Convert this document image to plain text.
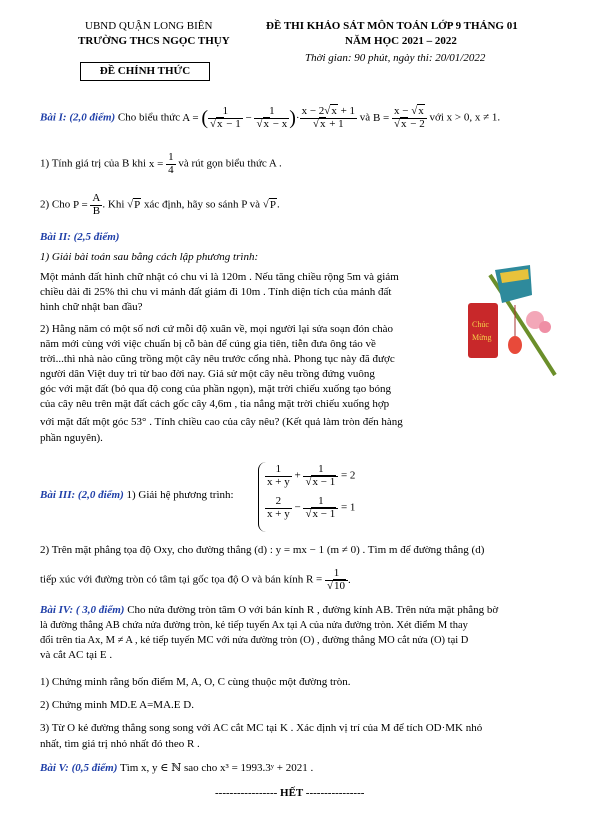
UBND QUẬN LONG BIÊN
TRƯỜNG THCS NGỌC THỤY
ĐỀ CHÍNH THỨC
ĐỀ THI KHẢO SÁT MÔN TOÁN LỚP 9 THÁNG 01
NĂM HỌC 2021 – 2022
Thời gian: 90 phút, ngày thi: 20/01/2022
Bài I: (2,0 điểm) Cho biểu thức A = ( $\frac{1}{√x - 1} - \frac{1}{√x - x}$ )· $\frac{x - 2√x + 1}{√x + 1}$ và $B = \frac{x - √x}{√x - 2}$ với x > 0, x ≠ 1.
1) Tính giá trị của B khi $x = \frac{1}{4}$ và rút gọn biểu thức A .
2) Cho $P = \frac{A}{B}$ . Khi √P xác định, hãy so sánh P và √P.
Bài II: (2,5 điểm)
1) Giải bài toán sau bằng cách lập phương trình:
Một mảnh đất hình chữ nhật có chu vi là 120m . Nếu tăng chiều rộng 5m và giảm
chiều dài đi 25% thì chu vi mảnh đất giảm đi 10m . Tính diện tích của mảnh đất
hình chữ nhật ban đầu?
2) Hằng năm có một số nơi cứ mỗi độ xuân về, mọi người lại sửa soạn đón chào
năm mới cùng với việc chuẩn bị cỗ bàn để cúng gia tiên, tiễn đưa ông táo về
trời...thì nhà nào cũng trồng một cây nêu trước cổng nhà. Phong tục này đã được
người dân Việt duy trì từ bao đời nay. Giả sử một cây nêu trồng đứng vuông
góc với mặt đất (bỏ qua độ cong của phần ngọn), mặt trời chiếu xuống tạo bóng
của cây nêu trên mặt đất cách gốc cây 4,6m , tia nắng mặt trời chiếu xuống hợp
với mặt đất một góc 53° . Tính chiều cao của cây nêu? (Kết quả làm tròn đến hàng
phần nguyên).
Chúc
Mừng
Bài III: (2,0 điểm) 1) Giải hệ phương trình:
$\frac{1}{x + y} + \frac{1}{√x - 1} = 2$
$\frac{2}{x + y} - \frac{1}{√x - 1} = 1$
2) Trên mặt phẳng tọa độ Oxy, cho đường thẳng (d) : y = mx − 1 (m ≠ 0) . Tìm m để đường thẳng (d)
tiếp xúc với đường tròn có tâm tại gốc tọa độ O và bán kính $R = \frac{1}{√10}$ .
Bài IV: ( 3,0 điểm) Cho nửa đường tròn tâm O với bán kính R , đường kính AB. Trên nửa mặt phẳng bờ
là đường thẳng AB chứa nửa đường tròn, kẻ tiếp tuyến Ax tại A của nửa đường tròn. Xét điểm M thay
đổi trên tia Ax, M ≠ A , kẻ tiếp tuyến MC với nửa đường tròn (O) , đường thẳng MO cắt nửa (O) tại D
và cắt AC tại E .
1) Chứng minh rằng bốn điểm M, A, O, C cùng thuộc một đường tròn.
2) Chứng minh MD.E A=MA.E D.
3) Từ O kẻ đường thẳng song song với AC cắt MC tại K . Xác định vị trí của M để tích OD·MK nhỏ
nhất, tìm giá trị nhỏ nhất đó theo R .
Bài V: (0,5 điểm) Tìm x, y ∈ ℕ sao cho x³ = 1993.3ʸ + 2021 .
----------------- HẾT ----------------
